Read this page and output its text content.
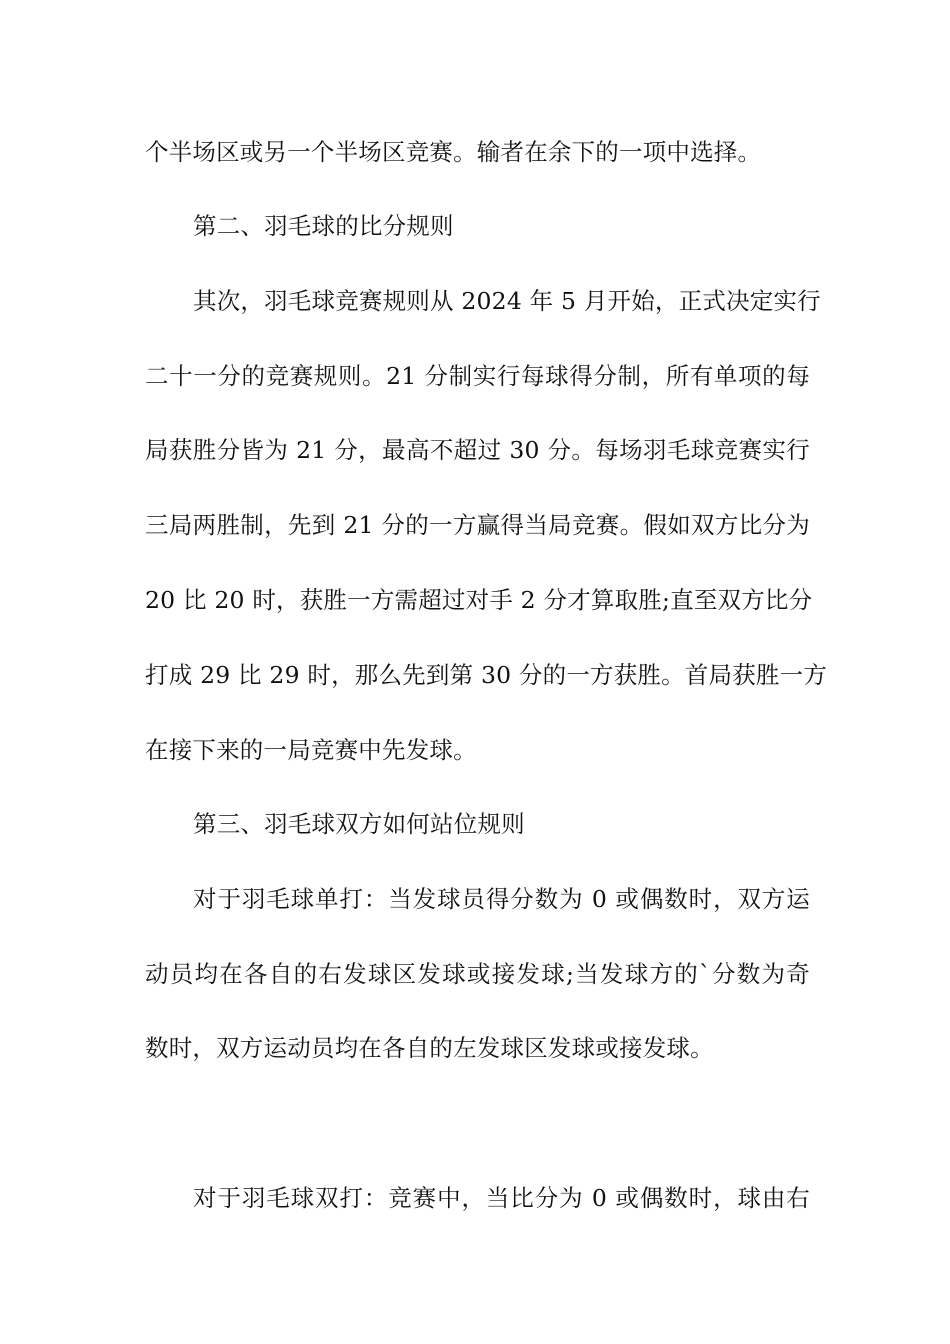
个半场区或另一个半场区竞赛。输者在余下的一项中选择。
第二、羽毛球的比分规则
其次，羽毛球竞赛规则从 2024 年 5 月开始，正式决定实行
二十一分的竞赛规则。21 分制实行每球得分制，所有单项的每
局获胜分皆为 21 分，最高不超过 30 分。每场羽毛球竞赛实行
三局两胜制，先到 21 分的一方赢得当局竞赛。假如双方比分为
20 比 20 时，获胜一方需超过对手 2 分才算取胜;直至双方比分
打成 29 比 29 时，那么先到第 30 分的一方获胜。首局获胜一方
在接下来的一局竞赛中先发球。
第三、羽毛球双方如何站位规则
对于羽毛球单打：当发球员得分数为 0 或偶数时，双方运
动员均在各自的右发球区发球或接发球;当发球方的`分数为奇
数时，双方运动员均在各自的左发球区发球或接发球。
对于羽毛球双打：竞赛中，当比分为 0 或偶数时，球由右
